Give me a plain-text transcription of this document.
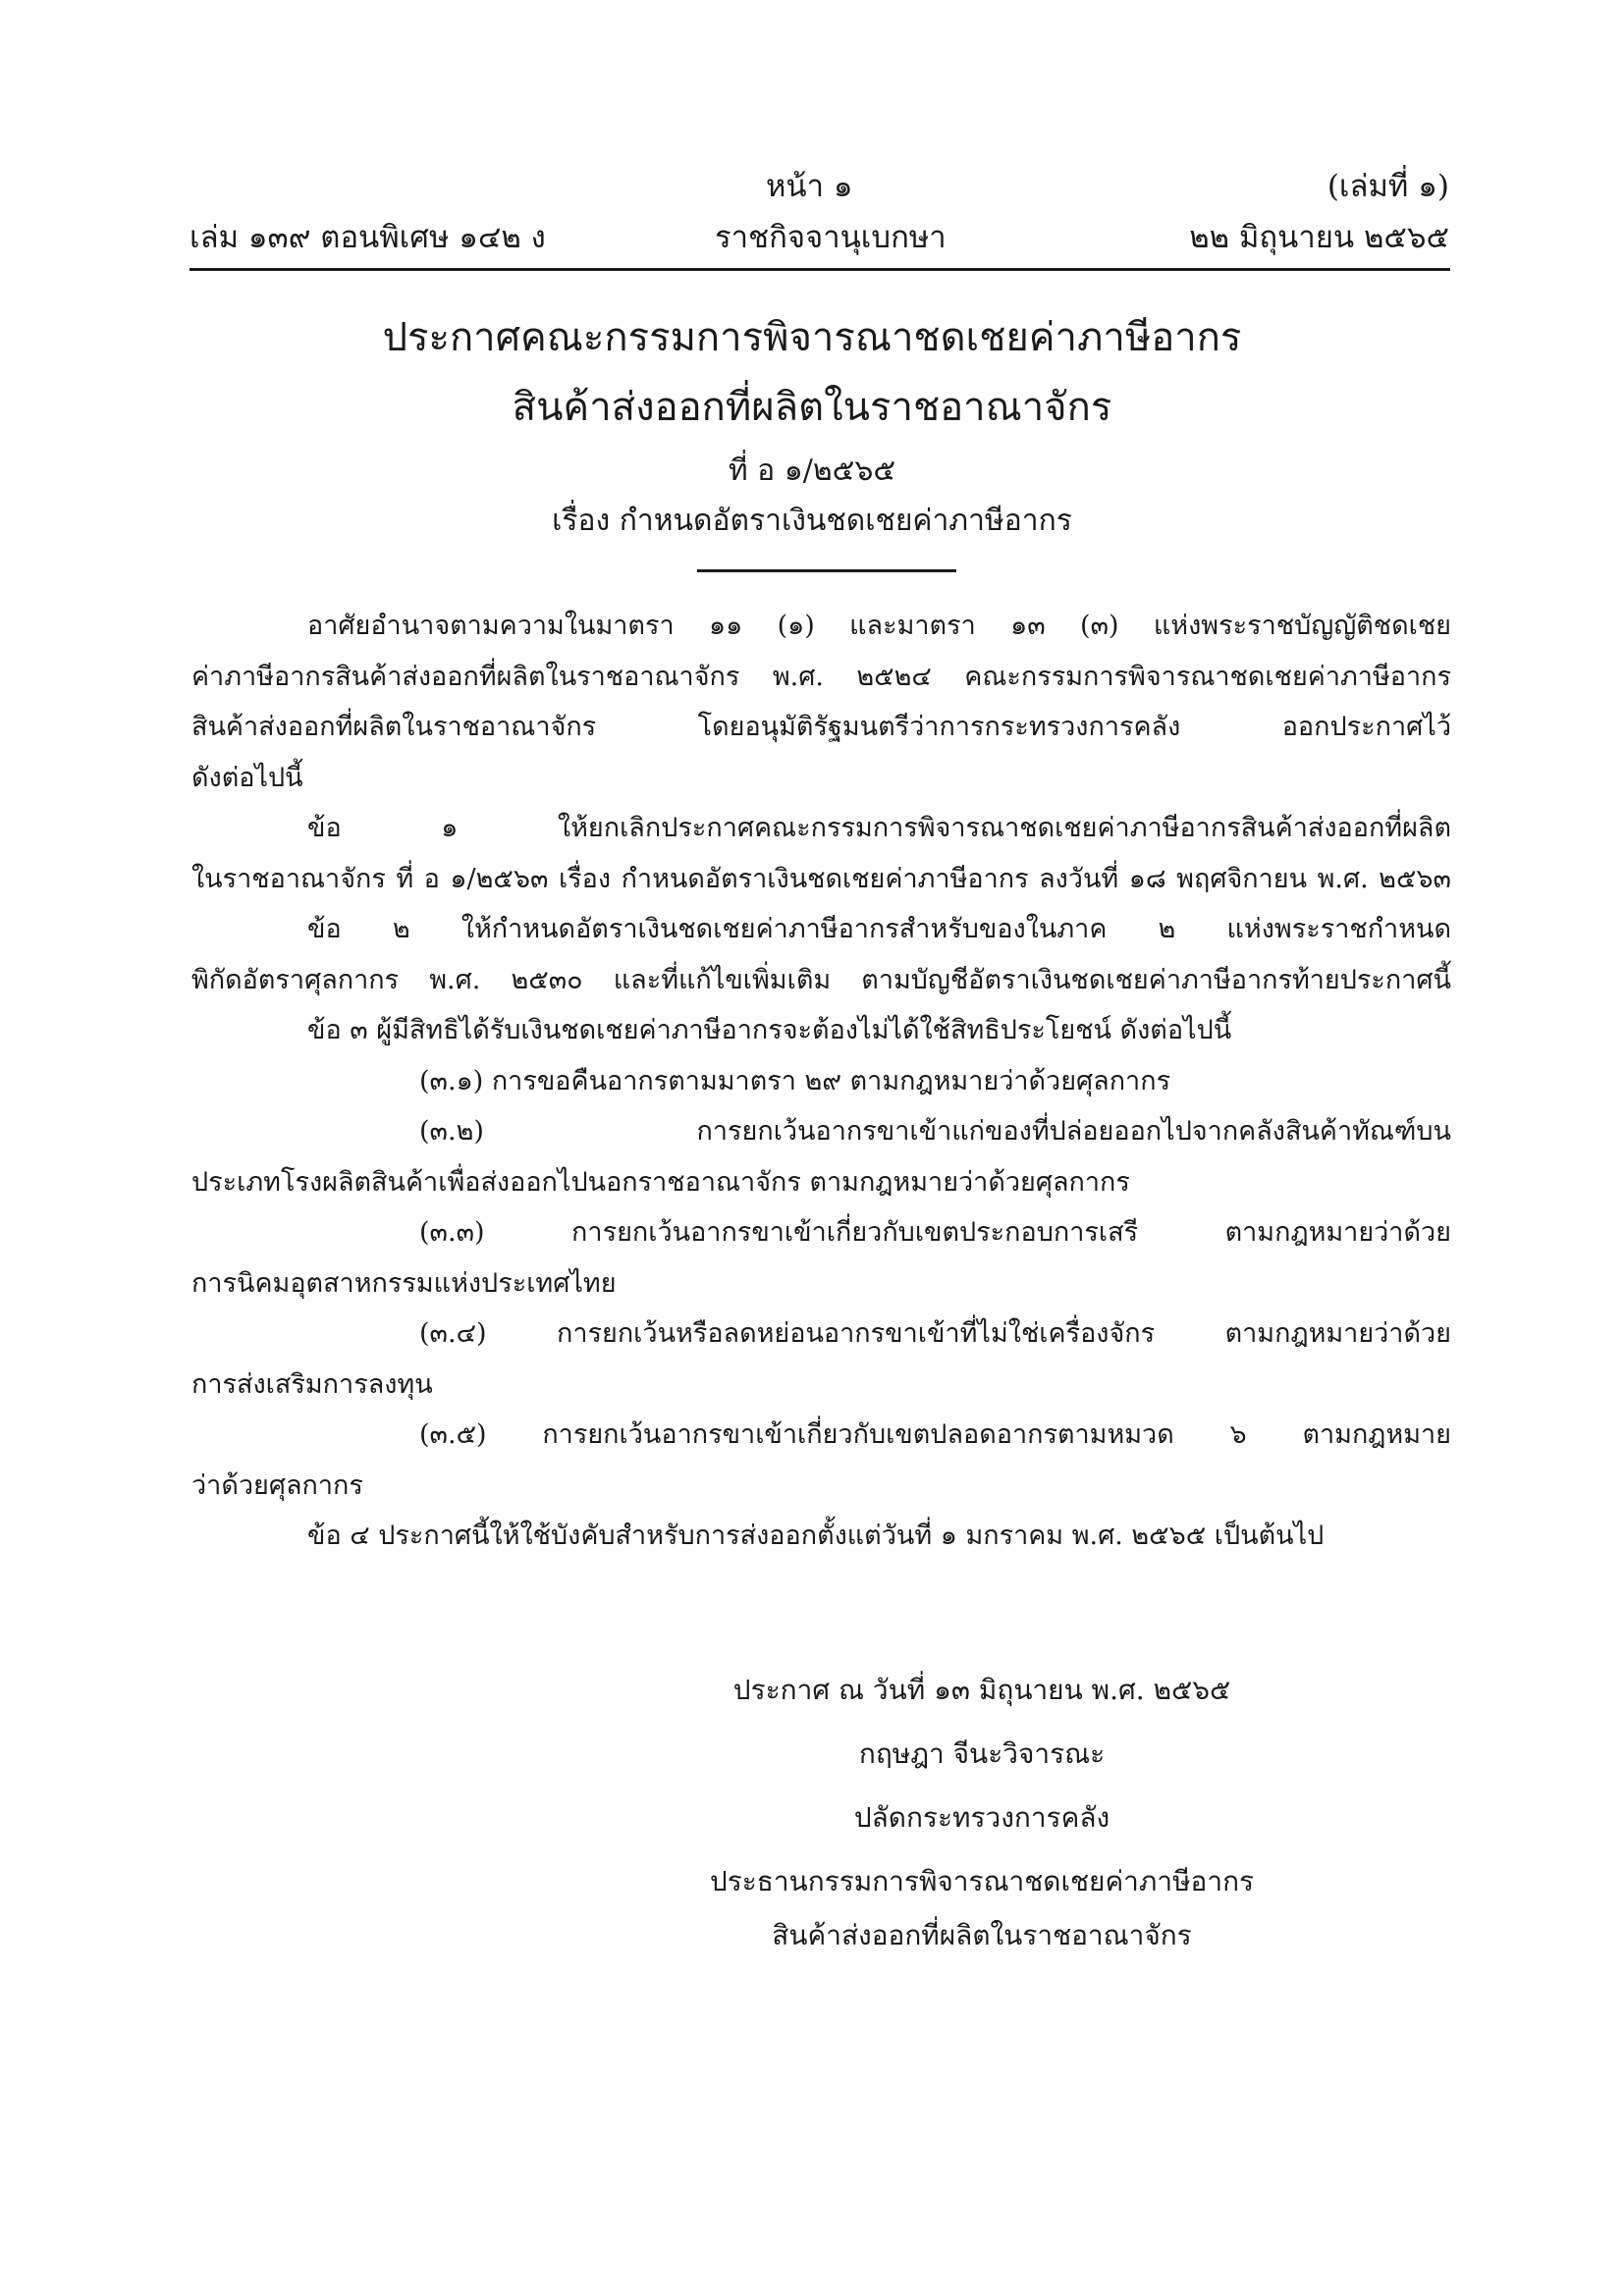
หน้า ๑	(เล่มที่ ๑)
เล่ม ๑๓๙ ตอนพิเศษ ๑๔๒ ง	ราชกิจจานุเบกษา	๒๒ มิถุนายน ๒๕๖๕
ประกาศคณะกรรมการพิจารณาชดเชยค่าภาษีอากร
สินค้าส่งออกที่ผลิตในราชอาณาจักร
ที่ อ ๑/๒๕๖๕
เรื่อง กำหนดอัตราเงินชดเชยค่าภาษีอากร

อาศัยอำนาจตามความในมาตรา ๑๑ (๑) และมาตรา ๑๓ (๓) แห่งพระราชบัญญัติชดเชย

ค่าภาษีอากรสินค้าส่งออกที่ผลิตในราชอาณาจักร พ.ศ. ๒๕๒๔ คณะกรรมการพิจารณาชดเชยค่าภาษีอากร

สินค้าส่งออกที่ผลิตในราชอาณาจักร โดยอนุมัติรัฐมนตรีว่าการกระทรวงการคลัง ออกประกาศไว้

ดังต่อไปนี้

ข้อ ๑ ให้ยกเลิกประกาศคณะกรรมการพิจารณาชดเชยค่าภาษีอากรสินค้าส่งออกที่ผลิต

ในราชอาณาจักร ที่ อ ๑/๒๕๖๓ เรื่อง กำหนดอัตราเงินชดเชยค่าภาษีอากร ลงวันที่ ๑๘ พฤศจิกายน พ.ศ. ๒๕๖๓

ข้อ ๒ ให้กำหนดอัตราเงินชดเชยค่าภาษีอากรสำหรับของในภาค ๒ แห่งพระราชกำหนด

พิกัดอัตราศุลกากร พ.ศ. ๒๕๓๐ และที่แก้ไขเพิ่มเติม ตามบัญชีอัตราเงินชดเชยค่าภาษีอากรท้ายประกาศนี้

ข้อ ๓ ผู้มีสิทธิได้รับเงินชดเชยค่าภาษีอากรจะต้องไม่ได้ใช้สิทธิประโยชน์ ดังต่อไปนี้

(๓.๑) การขอคืนอากรตามมาตรา ๒๙ ตามกฎหมายว่าด้วยศุลกากร

(๓.๒) การยกเว้นอากรขาเข้าแก่ของที่ปล่อยออกไปจากคลังสินค้าทัณฑ์บน

ประเภทโรงผลิตสินค้าเพื่อส่งออกไปนอกราชอาณาจักร ตามกฎหมายว่าด้วยศุลกากร

(๓.๓) การยกเว้นอากรขาเข้าเกี่ยวกับเขตประกอบการเสรี ตามกฎหมายว่าด้วย

การนิคมอุตสาหกรรมแห่งประเทศไทย

(๓.๔) การยกเว้นหรือลดหย่อนอากรขาเข้าที่ไม่ใช่เครื่องจักร ตามกฎหมายว่าด้วย

การส่งเสริมการลงทุน

(๓.๕) การยกเว้นอากรขาเข้าเกี่ยวกับเขตปลอดอากรตามหมวด ๖ ตามกฎหมาย

ว่าด้วยศุลกากร

ข้อ ๔ ประกาศนี้ให้ใช้บังคับสำหรับการส่งออกตั้งแต่วันที่ ๑ มกราคม พ.ศ. ๒๕๖๕ เป็นต้นไป

ประกาศ ณ วันที่ ๑๓ มิถุนายน พ.ศ. ๒๕๖๕
กฤษฎา จีนะวิจารณะ
ปลัดกระทรวงการคลัง
ประธานกรรมการพิจารณาชดเชยค่าภาษีอากร
สินค้าส่งออกที่ผลิตในราชอาณาจักร
